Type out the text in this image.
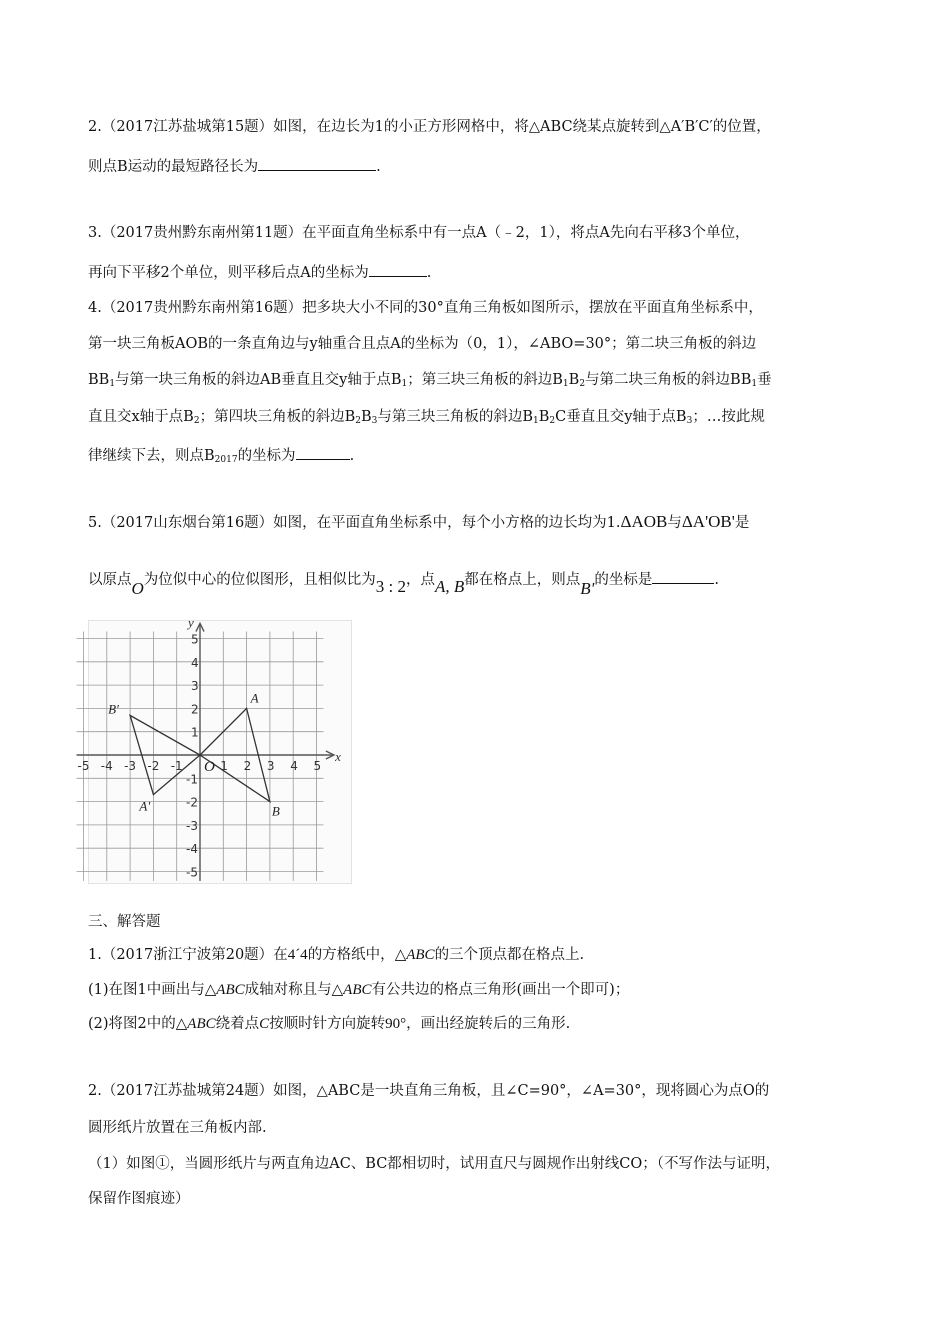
2.（2017江苏盐城第15题）如图，在边长为1的小正方形网格中，将△ABC绕某点旋转到△A′B′C′的位置，
则点B运动的最短路径长为	.
3.（2017贵州黔东南州第11题）在平面直角坐标系中有一点A（﹣2，1），将点A先向右平移3个单位，
再向下平移2个单位，则平移后点A的坐标为	.
4.（2017贵州黔东南州第16题）把多块大小不同的30°直角三角板如图所示，摆放在平面直角坐标系中，
第一块三角板AOB的一条直角边与y轴重合且点A的坐标为（0，1），∠ABO=30°；第二块三角板的斜边
$BB_1$与第一块三角板的斜边AB垂直且交y轴于点$B_1$；第三块三角板的斜边$B_1B_2$与第二块三角板的斜边$BB_1$垂
直且交x轴于点$B_2$；第四块三角板的斜边$B_2B_3$与第三块三角板的斜边$B_1B_2C$垂直且交y轴于点$B_3$；…按此规
律继续下去，则点$B_{2017}$的坐标为	.
5.（2017山东烟台第16题）如图，在平面直角坐标系中，每个小方格的边长均为1.ΔAOB与ΔA'OB'是
以原点O为位似中心的位似图形，且相似比为3 : 2，点A, B都在格点上，则点B'的坐标是	.
-5 -4 -3 -2 -1	1 2 3 4 5
5
4
3
2
1
-1
-2
-3
-4
-5
x
y
A
B
B'
A'
O
三、解答题
1.（2017浙江宁波第20题）在4´4的方格纸中，△ABC的三个顶点都在格点上.
(1)在图1中画出与△ABC成轴对称且与△ABC有公共边的格点三角形(画出一个即可)；
(2)将图2中的△ABC绕着点C按顺时针方向旋转90°，画出经旋转后的三角形.
2.（2017江苏盐城第24题）如图，△ABC是一块直角三角板，且∠C=90°，∠A=30°，现将圆心为点O的
圆形纸片放置在三角板内部.
（1）如图①，当圆形纸片与两直角边AC、BC都相切时，试用直尺与圆规作出射线CO；（不写作法与证明，
保留作图痕迹）
